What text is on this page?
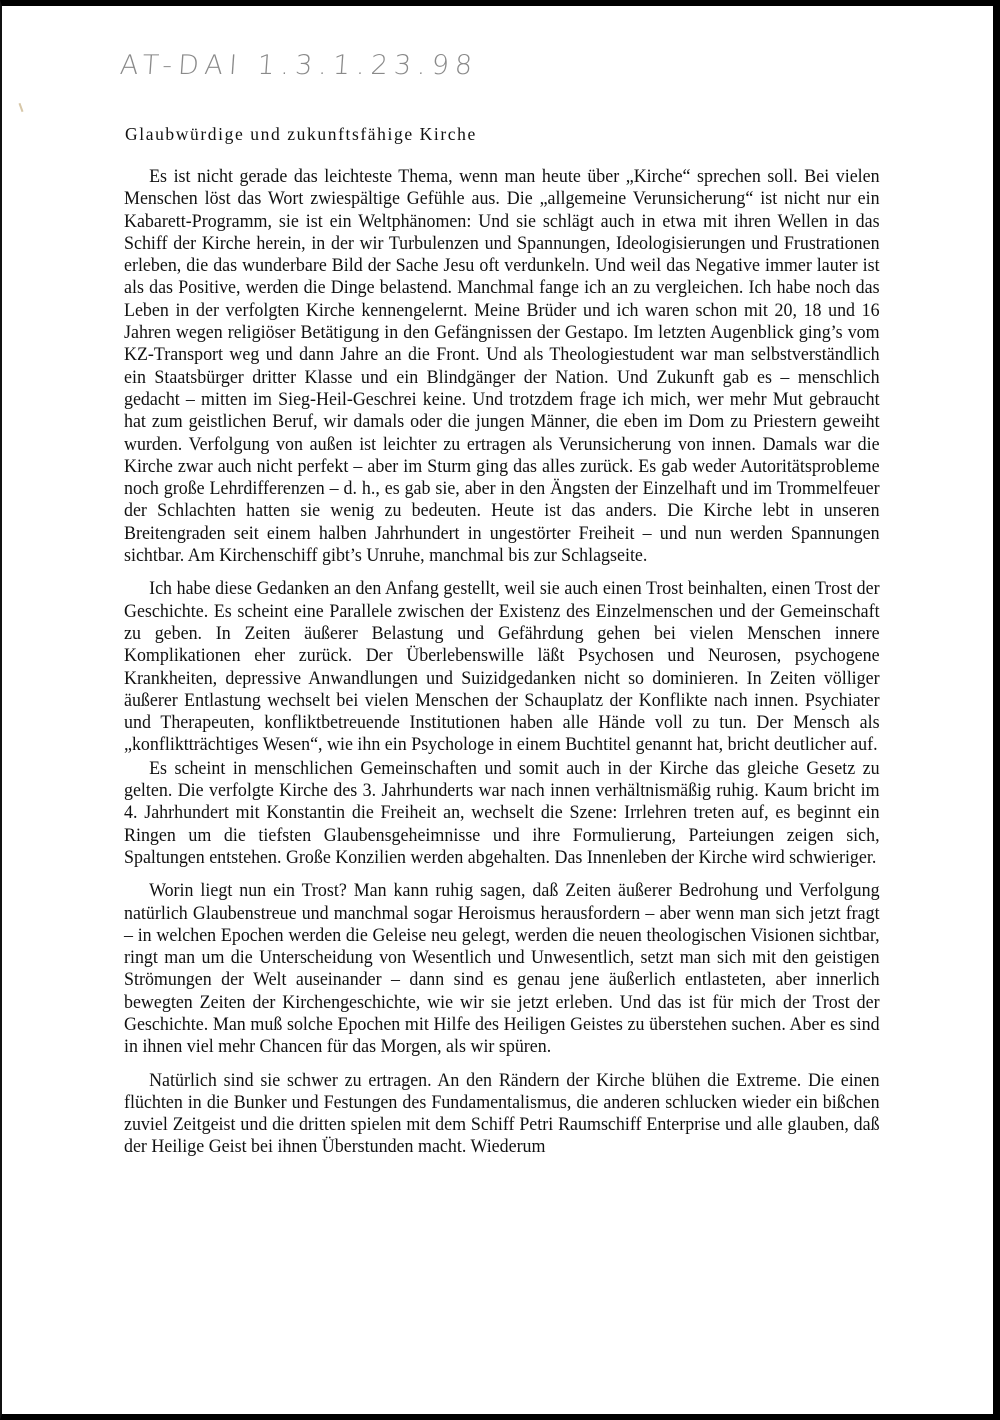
AT-DAI 1.3.1.23.98
Glaubwürdige und zukunftsfähige Kirche

Es ist nicht gerade das leichteste Thema, wenn man heute über „Kirche“ sprechen soll. Bei vielen Menschen löst das Wort zwiespältige Gefühle aus. Die „allgemeine Verunsicherung“ ist nicht nur ein Kabarett-Programm, sie ist ein Weltphänomen: Und sie schlägt auch in etwa mit ihren Wellen in das Schiff der Kirche herein, in der wir Turbulenzen und Spannungen, Ideologisierungen und Frustrationen erleben, die das wunderbare Bild der Sache Jesu oft verdunkeln. Und weil das Negative immer lauter ist als das Positive, werden die Dinge belastend. Manchmal fange ich an zu vergleichen. Ich habe noch das Leben in der verfolgten Kirche kennengelernt. Meine Brüder und ich waren schon mit 20, 18 und 16 Jahren wegen religiöser Betätigung in den Gefängnissen der Gestapo. Im letzten Augenblick ging’s vom KZ-Transport weg und dann Jahre an die Front. Und als Theologiestudent war man selbstverständlich ein Staatsbürger dritter Klasse und ein Blindgänger der Nation. Und Zukunft gab es – menschlich gedacht – mitten im Sieg-Heil-Geschrei keine. Und trotzdem frage ich mich, wer mehr Mut gebraucht hat zum geistlichen Beruf, wir damals oder die jungen Männer, die eben im Dom zu Priestern geweiht wurden. Verfolgung von außen ist leichter zu ertragen als Verunsicherung von innen. Damals war die Kirche zwar auch nicht perfekt – aber im Sturm ging das alles zurück. Es gab weder Autoritätsprobleme noch große Lehrdifferenzen – d. h., es gab sie, aber in den Ängsten der Einzelhaft und im Trommelfeuer der Schlachten hatten sie wenig zu bedeuten. Heute ist das anders. Die Kirche lebt in unseren Breitengraden seit einem halben Jahrhundert in ungestörter Freiheit – und nun werden Spannungen sichtbar. Am Kirchenschiff gibt’s Unruhe, manchmal bis zur Schlagseite.

Ich habe diese Gedanken an den Anfang gestellt, weil sie auch einen Trost beinhalten, einen Trost der Geschichte. Es scheint eine Parallele zwischen der Existenz des Einzelmenschen und der Gemeinschaft zu geben. In Zeiten äußerer Belastung und Gefährdung gehen bei vielen Menschen innere Komplikationen eher zurück. Der Überlebenswille läßt Psychosen und Neurosen, psychogene Krankheiten, depressive Anwandlungen und Suizidgedanken nicht so dominieren. In Zeiten völliger äußerer Entlastung wechselt bei vielen Menschen der Schauplatz der Konflikte nach innen. Psychiater und Therapeuten, konfliktbetreuende Institutionen haben alle Hände voll zu tun. Der Mensch als „konfliktträchtiges Wesen“, wie ihn ein Psychologe in einem Buchtitel genannt hat, bricht deutlicher auf.

Es scheint in menschlichen Gemeinschaften und somit auch in der Kirche das gleiche Gesetz zu gelten. Die verfolgte Kirche des 3. Jahrhunderts war nach innen verhältnismäßig ruhig. Kaum bricht im 4. Jahrhundert mit Konstantin die Freiheit an, wechselt die Szene: Irrlehren treten auf, es beginnt ein Ringen um die tiefsten Glaubensgeheimnisse und ihre Formulierung, Parteiungen zeigen sich, Spaltungen entstehen. Große Konzilien werden abgehalten. Das Innenleben der Kirche wird schwieriger.

Worin liegt nun ein Trost? Man kann ruhig sagen, daß Zeiten äußerer Bedrohung und Verfolgung natürlich Glaubenstreue und manchmal sogar Heroismus herausfordern – aber wenn man sich jetzt fragt – in welchen Epochen werden die Geleise neu gelegt, werden die neuen theologischen Visionen sichtbar, ringt man um die Unterscheidung von Wesentlich und Unwesentlich, setzt man sich mit den geistigen Strömungen der Welt auseinander – dann sind es genau jene äußerlich entlasteten, aber innerlich bewegten Zeiten der Kirchengeschichte, wie wir sie jetzt erleben. Und das ist für mich der Trost der Geschichte. Man muß solche Epochen mit Hilfe des Heiligen Geistes zu überstehen suchen. Aber es sind in ihnen viel mehr Chancen für das Morgen, als wir spüren.

Natürlich sind sie schwer zu ertragen. An den Rändern der Kirche blühen die Extreme. Die einen flüchten in die Bunker und Festungen des Fundamentalismus, die anderen schlucken wieder ein bißchen zuviel Zeitgeist und die dritten spielen mit dem Schiff Petri Raumschiff Enterprise und alle glauben, daß der Heilige Geist bei ihnen Überstunden macht. Wiederum
